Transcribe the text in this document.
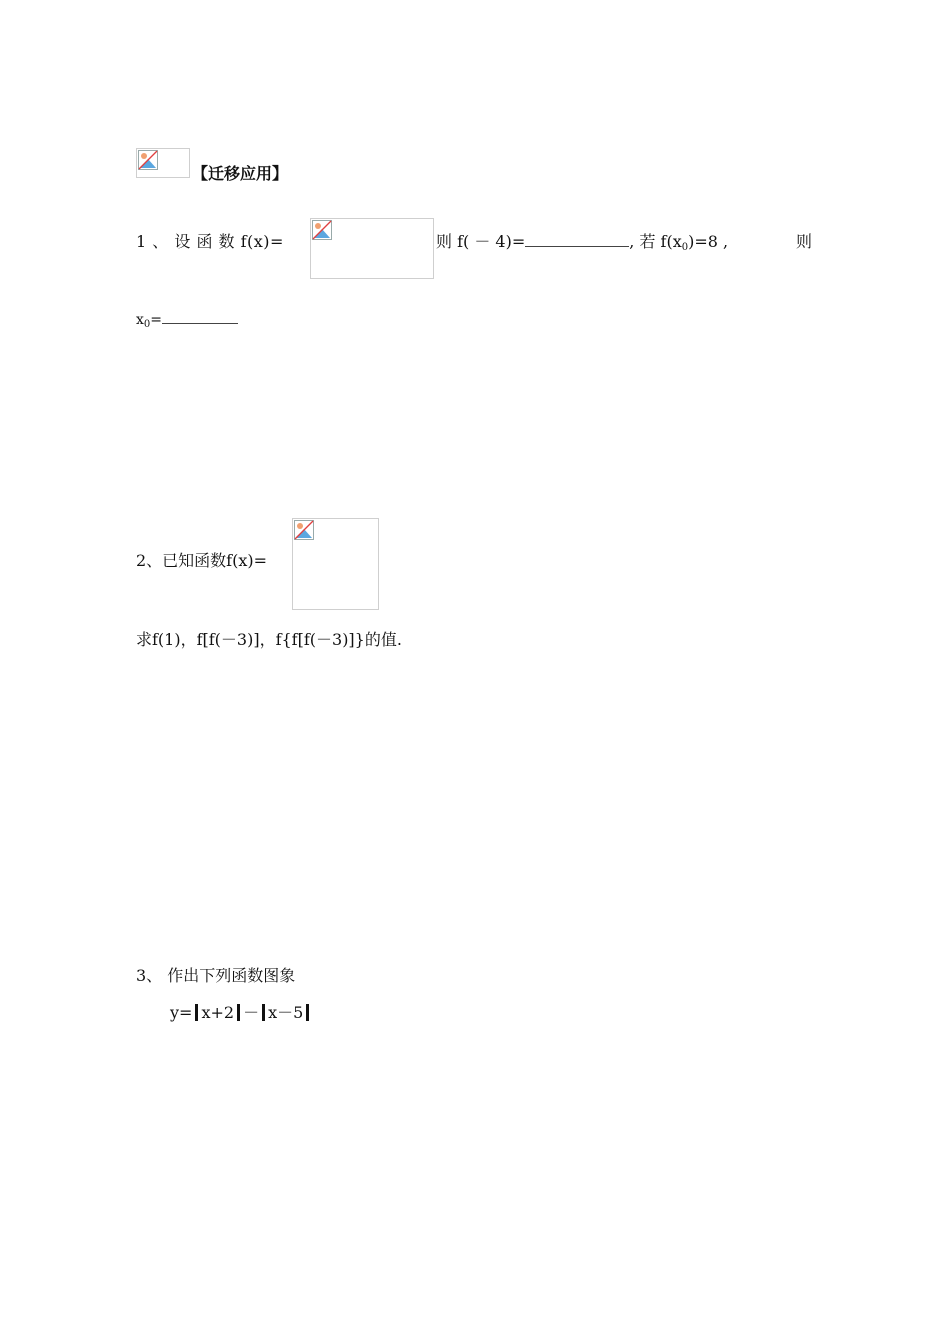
【迁移应用】
1 、 设 函 数 f(x)=	则 f( － 4)=	, 若 $f(x_0)=8$ ,	则
$x_0=$
2、已知函数f(x)=
求f(1)，f[f(－3)]，f{f[f(－3)]}的值.
3、 作出下列函数图象
y= x+2 － x－5
